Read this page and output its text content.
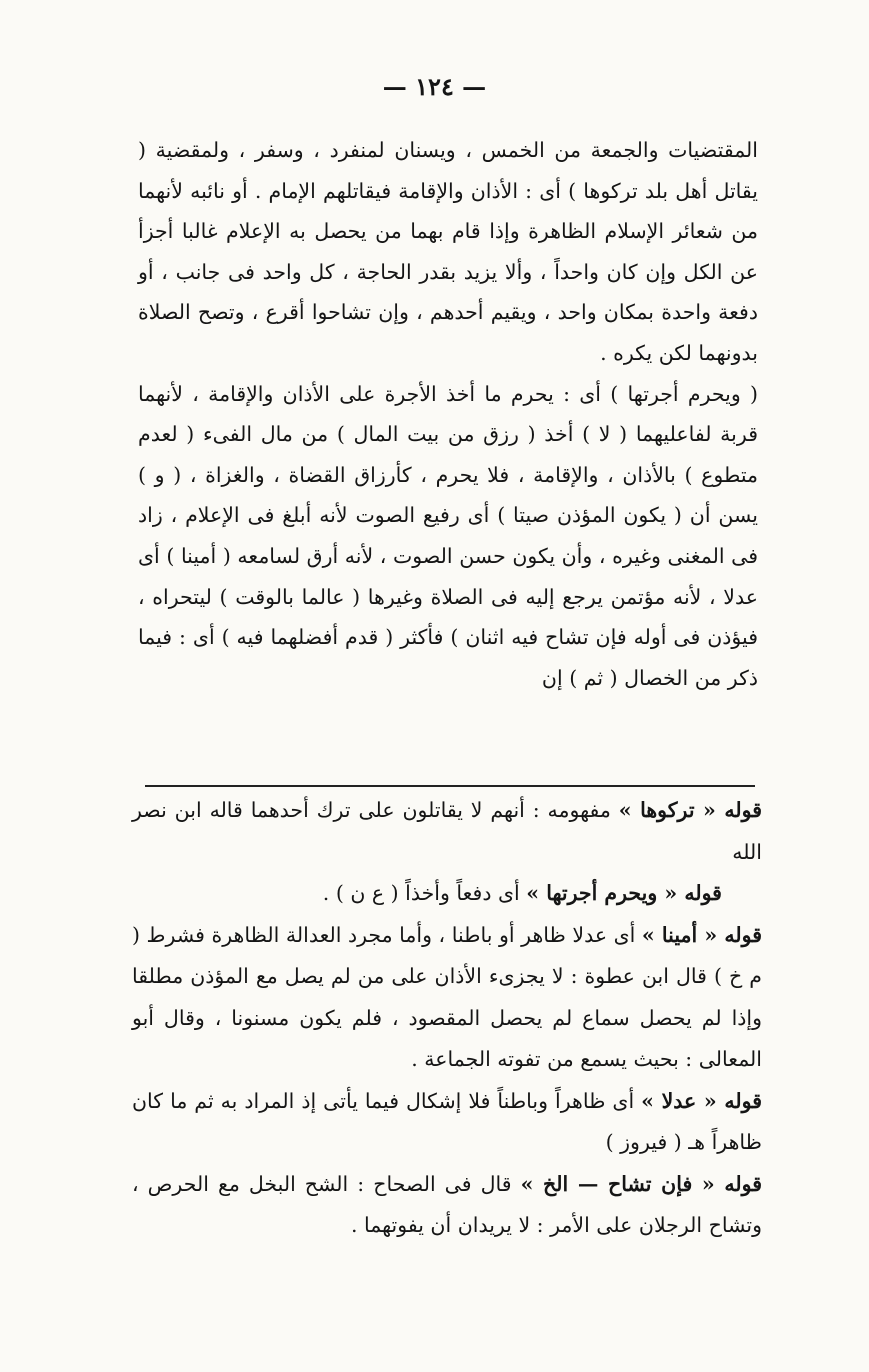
— ١٢٤ —

المقتضيات والجمعة من الخمس ، ويسنان لمنفرد ، وسفر ، ولمقضية ( يقاتل أهل بلد تركوها ) أى : الأذان والإقامة فيقاتلهم الإمام . أو نائبه لأنهما من شعائر الإسلام الظاهرة وإذا قام بهما من يحصل به الإعلام غالبا أجزأ عن الكل وإن كان واحداً ، وألا يزيد بقدر الحاجة ، كل واحد فى جانب ، أو دفعة واحدة بمكان واحد ، ويقيم أحدهم ، وإن تشاحوا أقرع ، وتصح الصلاة بدونهما لكن يكره .

( ويحرم أجرتها ) أى : يحرم ما أخذ الأجرة على الأذان والإقامة ، لأنهما قربة لفاعليهما ( لا ) أخذ ( رزق من بيت المال ) من مال الفىء ( لعدم متطوع ) بالأذان ، والإقامة ، فلا يحرم ، كأرزاق القضاة ، والغزاة ، ( و ) يسن أن ( يكون المؤذن صيتا ) أى رفيع الصوت لأنه أبلغ فى الإعلام ، زاد فى المغنى وغيره ، وأن يكون حسن الصوت ، لأنه أرق لسامعه ( أمينا ) أى عدلا ، لأنه مؤتمن يرجع إليه فى الصلاة وغيرها ( عالما بالوقت ) ليتحراه ، فيؤذن فى أوله فإن تشاح فيه اثنان ) فأكثر ( قدم أفضلهما فيه ) أى : فيما ذكر من الخصال ( ثم ) إن

قوله « تركوها » مفهومه : أنهم لا يقاتلون على ترك أحدهما قاله ابن نصر الله

قوله « ويحرم أجرتها » أى دفعاً وأخذاً ( ع ن ) .

قوله « أمينا » أى عدلا ظاهر أو باطنا ، وأما مجرد العدالة الظاهرة فشرط ( م خ ) قال ابن عطوة : لا يجزىء الأذان على من لم يصل مع المؤذن مطلقا وإذا لم يحصل سماع لم يحصل المقصود ، فلم يكون مسنونا ، وقال أبو المعالى : بحيث يسمع من تفوته الجماعة .

قوله « عدلا » أى ظاهراً وباطناً فلا إشكال فيما يأتى إذ المراد به ثم ما كان ظاهراً هـ ( فيروز )

قوله « فإن تشاح — الخ » قال فى الصحاح : الشح البخل مع الحرص ، وتشاح الرجلان على الأمر : لا يريدان أن يفوتهما .
